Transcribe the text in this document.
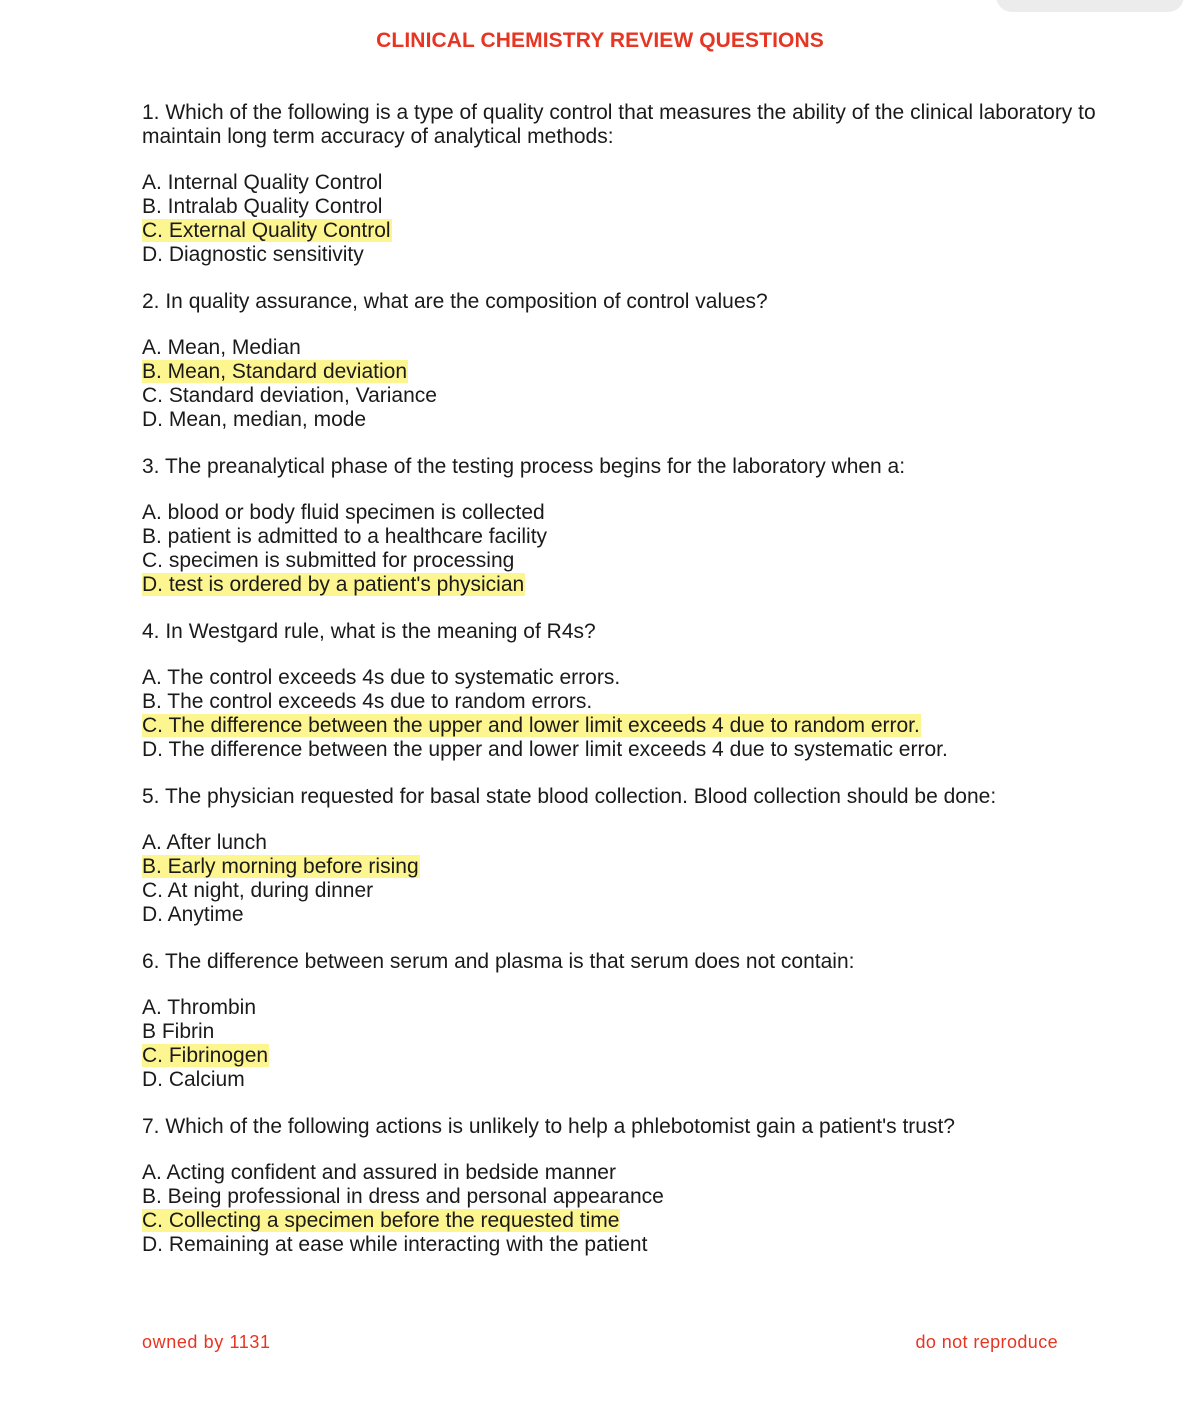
CLINICAL CHEMISTRY REVIEW QUESTIONS

1. Which of the following is a type of quality control that measures the ability of the clinical laboratory to maintain long term accuracy of analytical methods:

A. Internal Quality Control
B. Intralab Quality Control
C. External Quality Control
D. Diagnostic sensitivity

2. In quality assurance, what are the composition of control values?

A. Mean, Median
B. Mean, Standard deviation
C. Standard deviation, Variance
D. Mean, median, mode

3. The preanalytical phase of the testing process begins for the laboratory when a:

A. blood or body fluid specimen is collected
B. patient is admitted to a healthcare facility
C. specimen is submitted for processing
D. test is ordered by a patient's physician

4. In Westgard rule, what is the meaning of R4s?

A. The control exceeds 4s due to systematic errors.
B. The control exceeds 4s due to random errors.
C. The difference between the upper and lower limit exceeds 4 due to random error.
D. The difference between the upper and lower limit exceeds 4 due to systematic error.

5. The physician requested for basal state blood collection. Blood collection should be done:

A. After lunch
B. Early morning before rising
C. At night, during dinner
D. Anytime

6. The difference between serum and plasma is that serum does not contain:

A. Thrombin
B Fibrin
C. Fibrinogen
D. Calcium

7. Which of the following actions is unlikely to help a phlebotomist gain a patient's trust?

A. Acting confident and assured in bedside manner
B. Being professional in dress and personal appearance
C. Collecting a specimen before the requested time
D. Remaining at ease while interacting with the patient
owned by 1131	do not reproduce
